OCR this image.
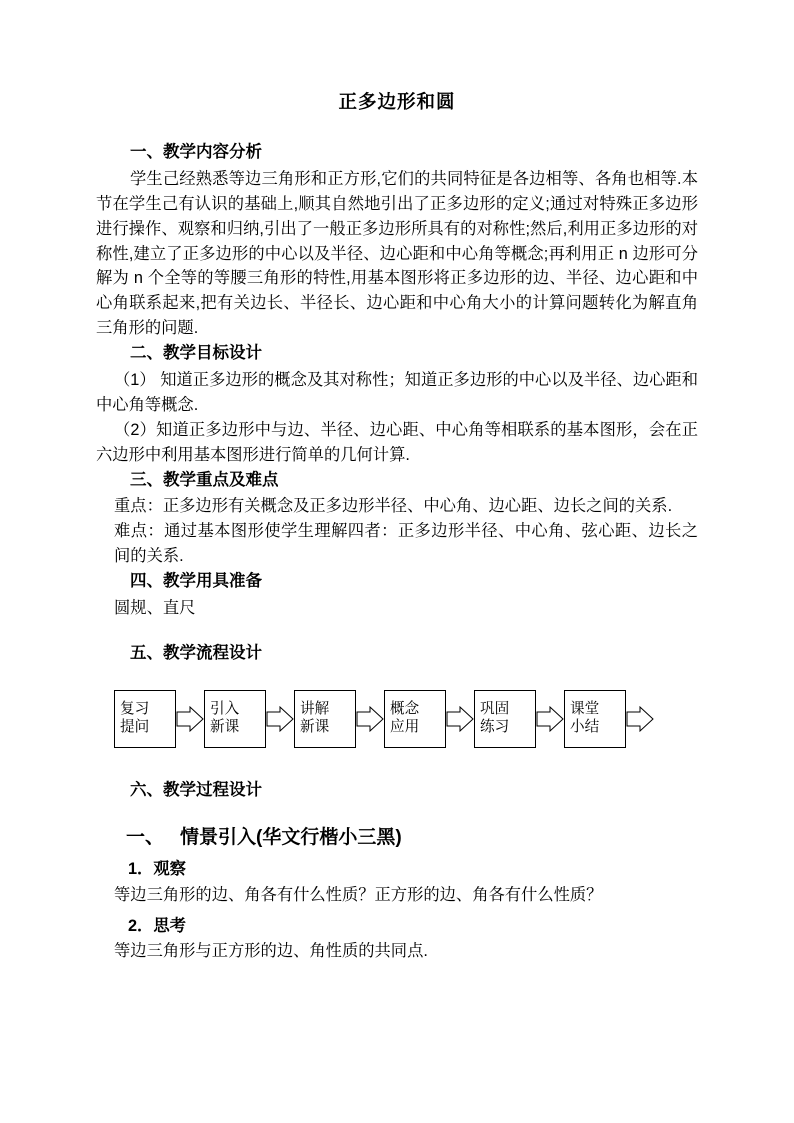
正多边形和圆
一、教学内容分析

学生己经熟悉等边三角形和正方形,它们的共同特征是各边相等、各角也相等.本节在学生己有认识的基础上,顺其自然地引出了正多边形的定义;通过对特殊正多边形进行操作、观察和归纳,引出了一般正多边形所具有的对称性;然后,利用正多边形的对称性,建立了正多边形的中心以及半径、边心距和中心角等概念;再利用正 n 边形可分解为 n 个全等的等腰三角形的特性,用基本图形将正多边形的边、半径、边心距和中心角联系起来,把有关边长、半径长、边心距和中心角大小的计算问题转化为解直角三角形的问题.

二、教学目标设计

（1） 知道正多边形的概念及其对称性；知道正多边形的中心以及半径、边心距和中心角等概念.

（2）知道正多边形中与边、半径、边心距、中心角等相联系的基本图形，会在正六边形中利用基本图形进行简单的几何计算.

三、教学重点及难点

重点：正多边形有关概念及正多边形半径、中心角、边心距、边长之间的关系.

难点：通过基本图形使学生理解四者：正多边形半径、中心角、弦心距、边长之间的关系.

四、教学用具准备

圆规、直尺

五、教学流程设计
复习
提问
引入
新课
讲解
新课
概念
应用
巩固
练习
课堂
小结
六、教学过程设计
一、 情景引入(华文行楷小三黑)
1．观察

等边三角形的边、角各有什么性质？正方形的边、角各有什么性质？

2．思考

等边三角形与正方形的边、角性质的共同点.
